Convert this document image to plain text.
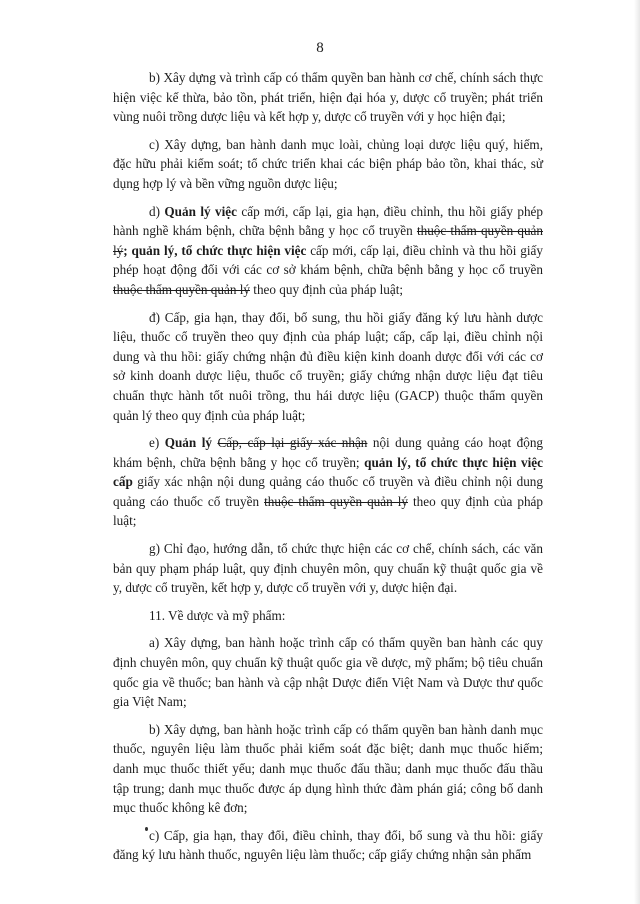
8

b) Xây dựng và trình cấp có thẩm quyền ban hành cơ chế, chính sách thực hiện việc kế thừa, bảo tồn, phát triển, hiện đại hóa y, dược cổ truyền; phát triển vùng nuôi trồng dược liệu và kết hợp y, dược cổ truyền với y học hiện đại;

c) Xây dựng, ban hành danh mục loài, chủng loại dược liệu quý, hiếm, đặc hữu phải kiểm soát; tổ chức triển khai các biện pháp bảo tồn, khai thác, sử dụng hợp lý và bền vững nguồn dược liệu;

d) Quản lý việc cấp mới, cấp lại, gia hạn, điều chỉnh, thu hồi giấy phép hành nghề khám bệnh, chữa bệnh bằng y học cổ truyền thuộc thẩm quyền quản lý; quản lý, tổ chức thực hiện việc cấp mới, cấp lại, điều chỉnh và thu hồi giấy phép hoạt động đối với các cơ sở khám bệnh, chữa bệnh bằng y học cổ truyền thuộc thẩm quyền quản lý theo quy định của pháp luật;

đ) Cấp, gia hạn, thay đổi, bổ sung, thu hồi giấy đăng ký lưu hành dược liệu, thuốc cổ truyền theo quy định của pháp luật; cấp, cấp lại, điều chỉnh nội dung và thu hồi: giấy chứng nhận đủ điều kiện kinh doanh dược đối với các cơ sở kinh doanh dược liệu, thuốc cổ truyền; giấy chứng nhận dược liệu đạt tiêu chuẩn thực hành tốt nuôi trồng, thu hái dược liệu (GACP) thuộc thẩm quyền quản lý theo quy định của pháp luật;

e) Quản lý Cấp, cấp lại giấy xác nhận nội dung quảng cáo hoạt động khám bệnh, chữa bệnh bằng y học cổ truyền; quản lý, tổ chức thực hiện việc cấp giấy xác nhận nội dung quảng cáo thuốc cổ truyền và điều chỉnh nội dung quảng cáo thuốc cổ truyền thuộc thẩm quyền quản lý theo quy định của pháp luật;

g) Chỉ đạo, hướng dẫn, tổ chức thực hiện các cơ chế, chính sách, các văn bản quy phạm pháp luật, quy định chuyên môn, quy chuẩn kỹ thuật quốc gia về y, dược cổ truyền, kết hợp y, dược cổ truyền với y, dược hiện đại.

11. Về dược và mỹ phẩm:

a) Xây dựng, ban hành hoặc trình cấp có thẩm quyền ban hành các quy định chuyên môn, quy chuẩn kỹ thuật quốc gia về dược, mỹ phẩm; bộ tiêu chuẩn quốc gia về thuốc; ban hành và cập nhật Dược điển Việt Nam và Dược thư quốc gia Việt Nam;

b) Xây dựng, ban hành hoặc trình cấp có thẩm quyền ban hành danh mục thuốc, nguyên liệu làm thuốc phải kiểm soát đặc biệt; danh mục thuốc hiếm; danh mục thuốc thiết yếu; danh mục thuốc đấu thầu; danh mục thuốc đấu thầu tập trung; danh mục thuốc được áp dụng hình thức đàm phán giá; công bố danh mục thuốc không kê đơn;

c) Cấp, gia hạn, thay đổi, điều chỉnh, thay đổi, bổ sung và thu hồi: giấy đăng ký lưu hành thuốc, nguyên liệu làm thuốc; cấp giấy chứng nhận sản phẩm
